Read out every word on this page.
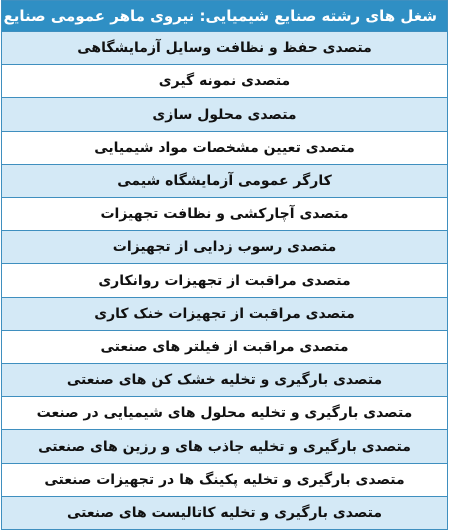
شغل های رشته صنایع شیمیایی: نیروی ماهر عمومی صنایع
متصدی حفظ و نظافت وسایل آزمایشگاهی
متصدی نمونه گیری
متصدی محلول سازی
متصدی تعیین مشخصات مواد شیمیایی
کارگر عمومی آزمایشگاه شیمی
متصدی آچارکشی و نظافت تجهیزات
متصدی رسوب زدایی از تجهیزات
متصدی مراقبت از تجهیزات روانکاری
متصدی مراقبت از تجهیزات خنک کاری
متصدی مراقبت از فیلتر های صنعتی
متصدی بارگیری و تخلیه خشک کن های صنعتی
متصدی بارگیری و تخلیه محلول های شیمیایی در صنعت
متصدی بارگیری و تخلیه جاذب های و رزین های صنعتی
متصدی بارگیری و تخلیه پکینگ ها در تجهیزات صنعتی
متصدی بارگیری و تخلیه کاتالیست های صنعتی
